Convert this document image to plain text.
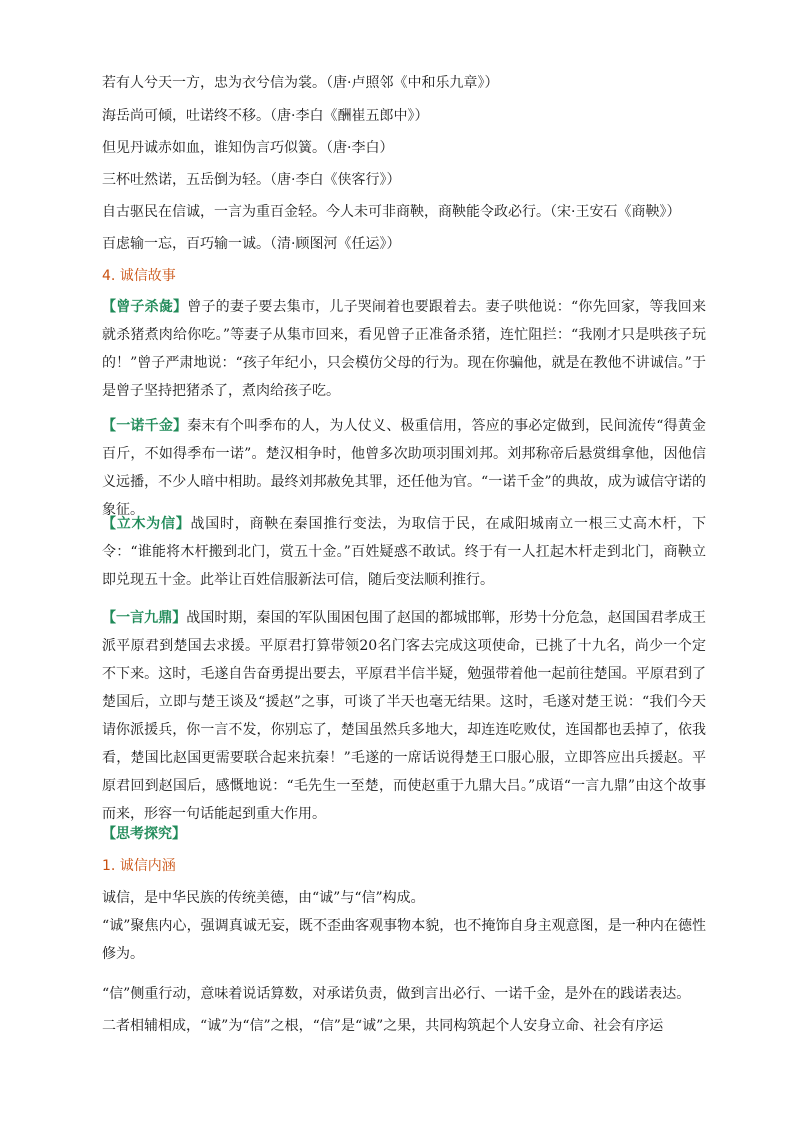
若有人兮天一方，忠为衣兮信为裳。（唐·卢照邻《中和乐九章》）

海岳尚可倾，吐诺终不移。（唐·李白《酬崔五郎中》）

但见丹诚赤如血，谁知伪言巧似簧。（唐·李白）

三杯吐然诺，五岳倒为轻。（唐·李白《侠客行》）

自古驱民在信诚，一言为重百金轻。今人未可非商鞅，商鞅能令政必行。（宋·王安石《商鞅》）

百虑输一忘，百巧输一诚。（清·顾图河《任运》）

4. 诚信故事

【曾子杀彘】曾子的妻子要去集市，儿子哭闹着也要跟着去。妻子哄他说：“你先回家，等我回来就杀猪煮肉给你吃。”等妻子从集市回来，看见曾子正准备杀猪，连忙阻拦：“我刚才只是哄孩子玩的！”曾子严肃地说：“孩子年纪小，只会模仿父母的行为。现在你骗他，就是在教他不讲诚信。”于是曾子坚持把猪杀了，煮肉给孩子吃。
【一诺千金】秦末有个叫季布的人，为人仗义、极重信用，答应的事必定做到，民间流传“得黄金百斤，不如得季布一诺”。楚汉相争时，他曾多次助项羽围刘邦。刘邦称帝后悬赏缉拿他，因他信义远播，不少人暗中相助。最终刘邦赦免其罪，还任他为官。“一诺千金”的典故，成为诚信守诺的象征。
【立木为信】战国时，商鞅在秦国推行变法，为取信于民，在咸阳城南立一根三丈高木杆，下令：“谁能将木杆搬到北门，赏五十金。”百姓疑惑不敢试。终于有一人扛起木杆走到北门，商鞅立即兑现五十金。此举让百姓信服新法可信，随后变法顺利推行。
【一言九鼎】战国时期，秦国的军队围困包围了赵国的都城邯郸，形势十分危急，赵国国君孝成王派平原君到楚国去求援。平原君打算带领20名门客去完成这项使命，已挑了十九名，尚少一个定不下来。这时，毛遂自告奋勇提出要去，平原君半信半疑，勉强带着他一起前往楚国。平原君到了楚国后，立即与楚王谈及“援赵”之事，可谈了半天也毫无结果。这时，毛遂对楚王说：“我们今天请你派援兵，你一言不发，你别忘了，楚国虽然兵多地大，却连连吃败仗，连国都也丢掉了，依我看，楚国比赵国更需要联合起来抗秦！”毛遂的一席话说得楚王口服心服，立即答应出兵援赵。平原君回到赵国后，感慨地说：“毛先生一至楚，而使赵重于九鼎大吕。”成语“一言九鼎”由这个故事而来，形容一句话能起到重大作用。

【思考探究】

1. 诚信内涵

诚信，是中华民族的传统美德，由“诚”与“信”构成。

“诚”聚焦内心，强调真诚无妄，既不歪曲客观事物本貌，也不掩饰自身主观意图，是一种内在德性修为。

“信”侧重行动，意味着说话算数，对承诺负责，做到言出必行、一诺千金，是外在的践诺表达。

二者相辅相成，“诚”为“信”之根，“信”是“诚”之果，共同构筑起个人安身立命、社会有序运
